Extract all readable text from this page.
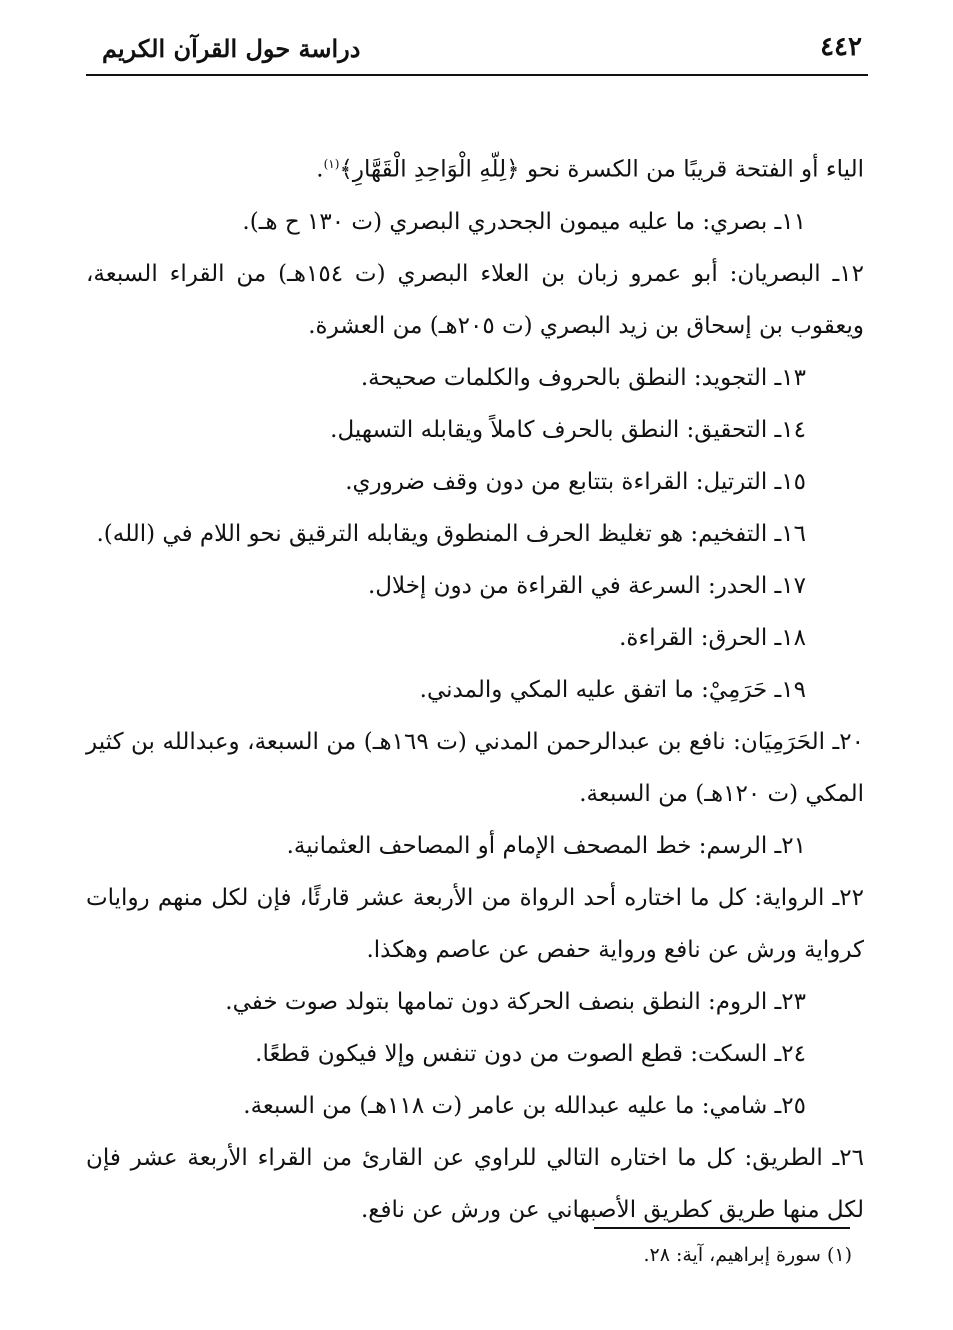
٤٤٢
دراسة حول القرآن الكريم

الياء أو الفتحة قريبًا من الكسرة نحو ﴿لِلّهِ الْوَاحِدِ الْقَهَّارِ﴾$^{(١)}$.

١١ـ بصري: ما عليه ميمون الجحدري البصري (ت ١٣٠ ح هـ).

١٢ـ البصريان: أبو عمرو زبان بن العلاء البصري (ت ١٥٤هـ) من القراء السبعة، ويعقوب بن إسحاق بن زيد البصري (ت ٢٠٥هـ) من العشرة.

١٣ـ التجويد: النطق بالحروف والكلمات صحيحة.

١٤ـ التحقيق: النطق بالحرف كاملاً ويقابله التسهيل.

١٥ـ الترتيل: القراءة بتتابع من دون وقف ضروري.

١٦ـ التفخيم: هو تغليظ الحرف المنطوق ويقابله الترقيق نحو اللام في (الله).

١٧ـ الحدر: السرعة في القراءة من دون إخلال.

١٨ـ الحرق: القراءة.

١٩ـ حَرَمِيْ: ما اتفق عليه المكي والمدني.

٢٠ـ الحَرَمِيَان: نافع بن عبدالرحمن المدني (ت ١٦٩هـ) من السبعة، وعبدالله بن كثير المكي (ت ١٢٠هـ) من السبعة.

٢١ـ الرسم: خط المصحف الإمام أو المصاحف العثمانية.

٢٢ـ الرواية: كل ما اختاره أحد الرواة من الأربعة عشر قارئًا، فإن لكل منهم روايات كرواية ورش عن نافع ورواية حفص عن عاصم وهكذا.

٢٣ـ الروم: النطق بنصف الحركة دون تمامها بتولد صوت خفي.

٢٤ـ السكت: قطع الصوت من دون تنفس وإلا فيكون قطعًا.

٢٥ـ شامي: ما عليه عبدالله بن عامر (ت ١١٨هـ) من السبعة.

٢٦ـ الطريق: كل ما اختاره التالي للراوي عن القارئ من القراء الأربعة عشر فإن لكل منها طريق كطريق الأصبهاني عن ورش عن نافع.

(١) سورة إبراهيم، آية: ٢٨.
